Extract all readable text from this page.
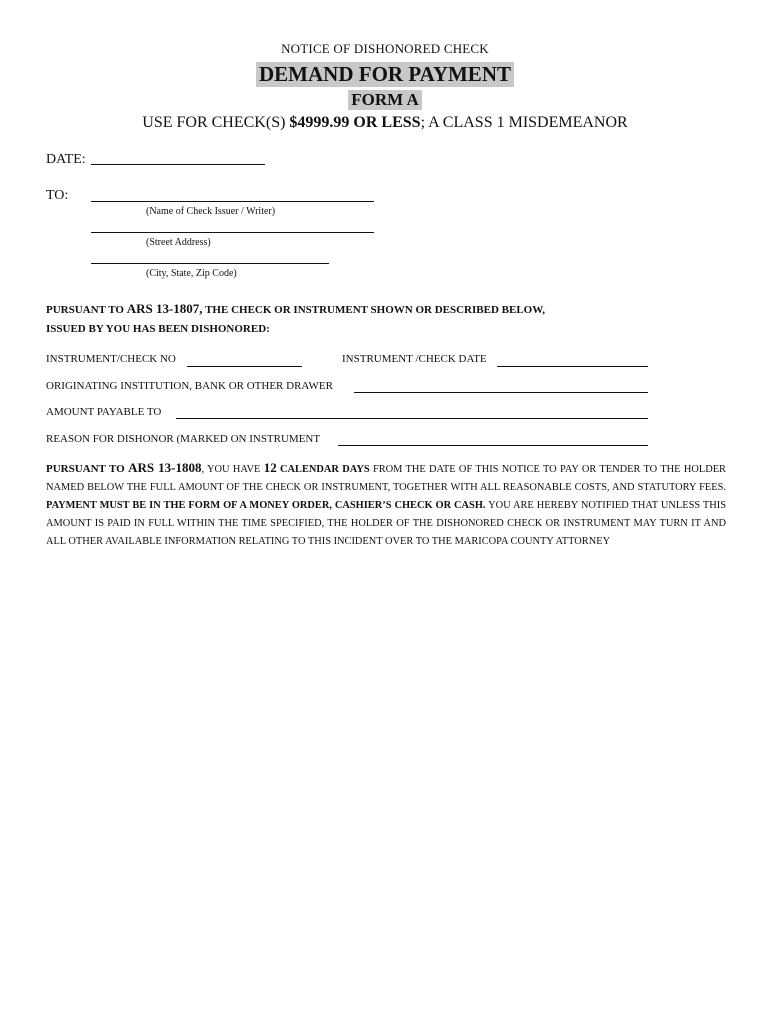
NOTICE OF DISHONORED CHECK
DEMAND FOR PAYMENT
FORM A
USE FOR CHECK(S) $4999.99 OR LESS; A CLASS 1 MISDEMEANOR
DATE:
TO:
(Name of Check Issuer / Writer)
(Street Address)
(City, State, Zip Code)
PURSUANT TO ARS 13-1807, THE CHECK OR INSTRUMENT SHOWN OR DESCRIBED BELOW,
ISSUED BY YOU HAS BEEN DISHONORED:
INSTRUMENT/CHECK NO	INSTRUMENT /CHECK DATE
ORIGINATING INSTITUTION, BANK OR OTHER DRAWER
AMOUNT PAYABLE TO
REASON FOR DISHONOR (MARKED ON INSTRUMENT

PURSUANT TO ARS 13-1808, YOU HAVE 12 CALENDAR DAYS FROM THE DATE OF THIS NOTICE TO PAY OR TENDER TO THE HOLDER NAMED BELOW THE FULL AMOUNT OF THE CHECK OR INSTRUMENT, TOGETHER WITH ALL REASONABLE COSTS, AND STATUTORY FEES. PAYMENT MUST BE IN THE FORM OF A MONEY ORDER, CASHIER’S CHECK OR CASH. YOU ARE HEREBY NOTIFIED THAT UNLESS THIS AMOUNT IS PAID IN FULL WITHIN THE TIME SPECIFIED, THE HOLDER OF THE DISHONORED CHECK OR INSTRUMENT MAY TURN IT AND ALL OTHER AVAILABLE INFORMATION RELATING TO THIS INCIDENT OVER TO THE MARICOPA COUNTY ATTORNEY
